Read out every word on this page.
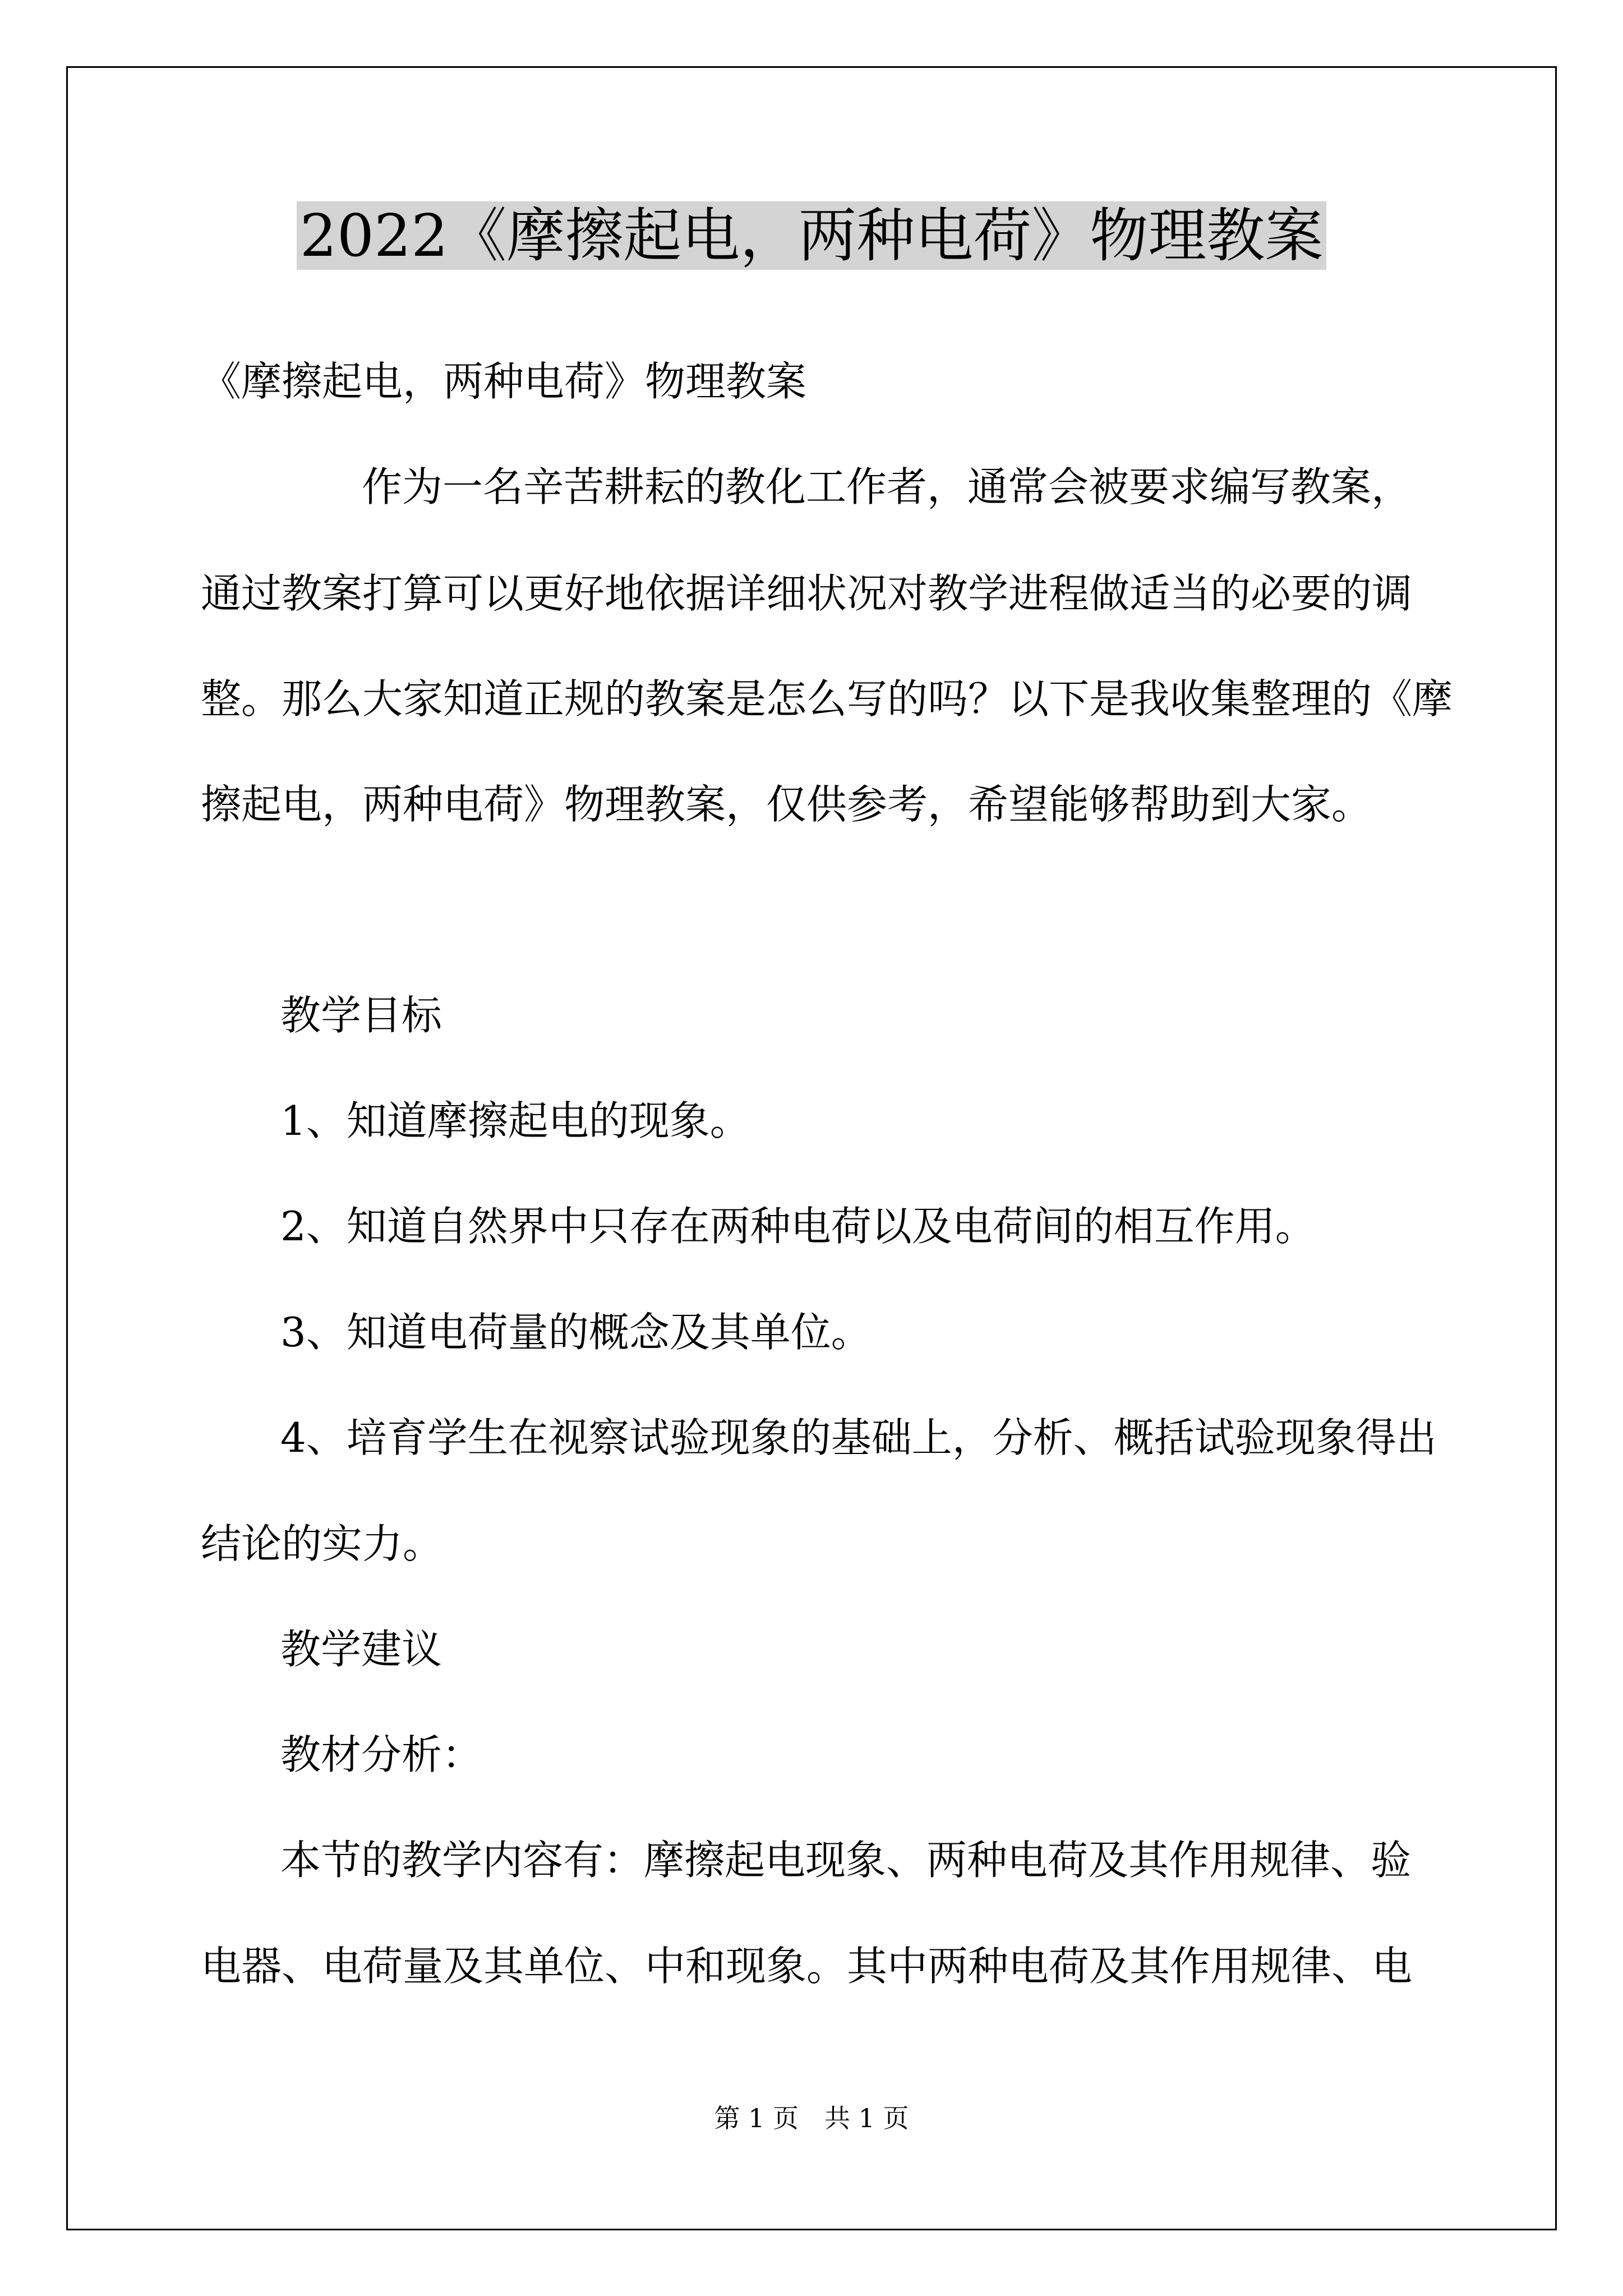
2022《摩擦起电，两种电荷》物理教案
《摩擦起电，两种电荷》物理教案
作为一名辛苦耕耘的教化工作者，通常会被要求编写教案，
通过教案打算可以更好地依据详细状况对教学进程做适当的必要的调
整。那么大家知道正规的教案是怎么写的吗？以下是我收集整理的《摩
擦起电，两种电荷》物理教案，仅供参考，希望能够帮助到大家。
教学目标
1、知道摩擦起电的现象。
2、知道自然界中只存在两种电荷以及电荷间的相互作用。
3、知道电荷量的概念及其单位。
4、培育学生在视察试验现象的基础上，分析、概括试验现象得出
结论的实力。
教学建议
教材分析：
本节的教学内容有：摩擦起电现象、两种电荷及其作用规律、验
电器、电荷量及其单位、中和现象。其中两种电荷及其作用规律、电
第 1 页　共 1 页
